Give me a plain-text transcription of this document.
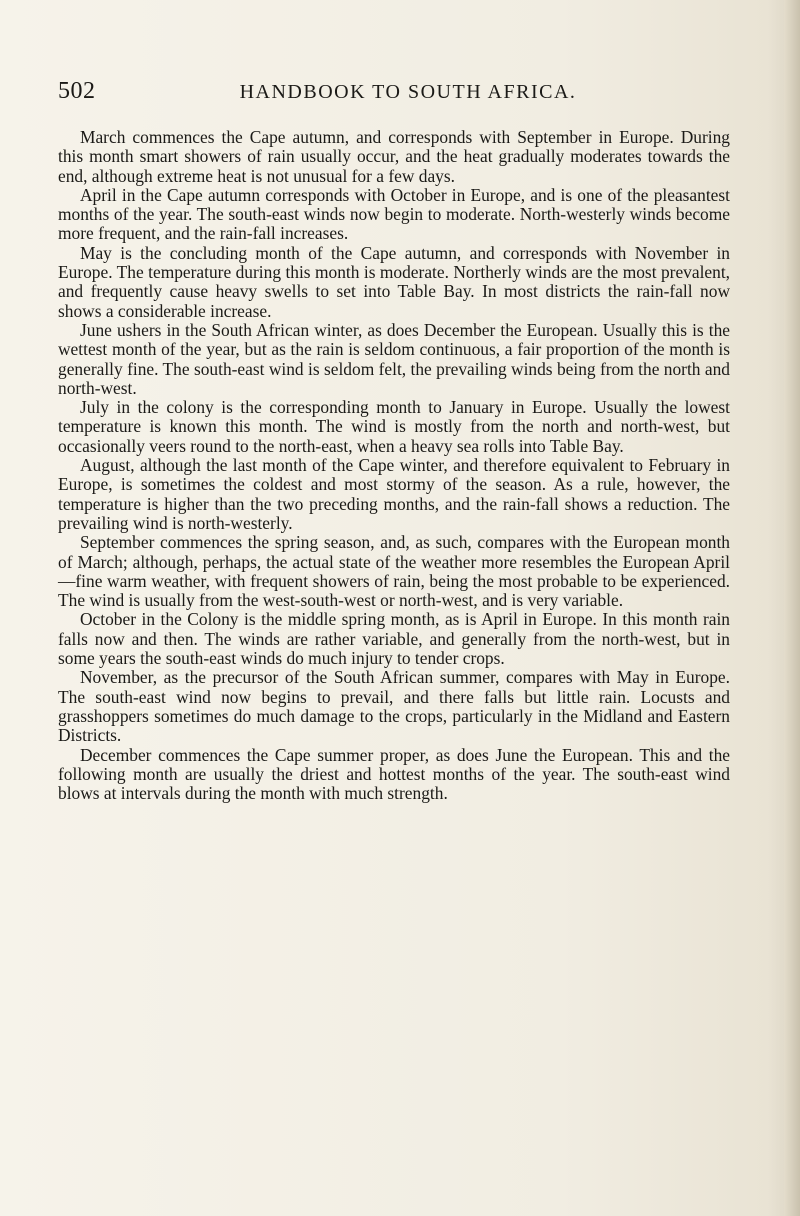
502	HANDBOOK TO SOUTH AFRICA.

March commences the Cape autumn, and corresponds with September in Europe. During this month smart showers of rain usually occur, and the heat gradually moderates towards the end, although extreme heat is not unusual for a few days.

April in the Cape autumn corresponds with October in Europe, and is one of the pleasantest months of the year. The south-east winds now begin to moderate. North-westerly winds become more frequent, and the rain-fall increases.

May is the concluding month of the Cape autumn, and corresponds with November in Europe. The temperature during this month is moderate. Northerly winds are the most prevalent, and frequently cause heavy swells to set into Table Bay. In most districts the rain-fall now shows a considerable increase.

June ushers in the South African winter, as does December the European. Usually this is the wettest month of the year, but as the rain is seldom continuous, a fair proportion of the month is generally fine. The south-east wind is seldom felt, the prevailing winds being from the north and north-west.

July in the colony is the corresponding month to January in Europe. Usually the lowest temperature is known this month. The wind is mostly from the north and north-west, but occasionally veers round to the north-east, when a heavy sea rolls into Table Bay.

August, although the last month of the Cape winter, and therefore equivalent to February in Europe, is sometimes the coldest and most stormy of the season. As a rule, however, the temperature is higher than the two preceding months, and the rain-fall shows a reduction. The prevailing wind is north-westerly.

September commences the spring season, and, as such, compares with the European month of March; although, perhaps, the actual state of the weather more resembles the European April—fine warm weather, with frequent showers of rain, being the most probable to be experienced. The wind is usually from the west-south-west or north-west, and is very variable.

October in the Colony is the middle spring month, as is April in Europe. In this month rain falls now and then. The winds are rather variable, and generally from the north-west, but in some years the south-east winds do much injury to tender crops.

November, as the precursor of the South African summer, compares with May in Europe. The south-east wind now begins to prevail, and there falls but little rain. Locusts and grasshoppers sometimes do much damage to the crops, particularly in the Midland and Eastern Districts.

December commences the Cape summer proper, as does June the European. This and the following month are usually the driest and hottest months of the year. The south-east wind blows at intervals during the month with much strength.
